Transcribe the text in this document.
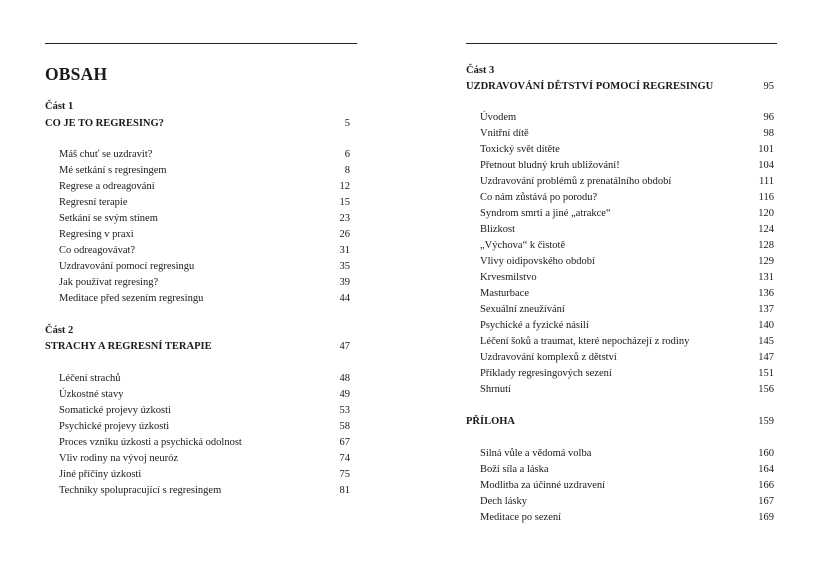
OBSAH
Část 1
CO JE TO REGRESING?	5
Máš chuť se uzdravit?	6
Mé setkání s regresingem	8
Regrese a odreagování	12
Regresní terapie	15
Setkání se svým stínem	23
Regresing v praxi	26
Co odreagovávat?	31
Uzdravování pomocí regresingu	35
Jak používat regresing?	39
Meditace před sezením regresingu	44
Část 2
STRACHY A REGRESNÍ TERAPIE	47
Léčení strachů	48
Úzkostné stavy	49
Somatické projevy úzkosti	53
Psychické projevy úzkosti	58
Proces vzniku úzkosti a psychická odolnost	67
Vliv rodiny na vývoj neuróz	74
Jiné příčiny úzkosti	75
Techniky spolupracující s regresingem	81
Část 3
UZDRAVOVÁNÍ DĚTSTVÍ POMOCÍ REGRESINGU	95
Úvodem	96
Vnitřní dítě	98
Toxický svět dítěte	101
Přetnout bludný kruh ubližování!	104
Uzdravování problémů z prenatálního období	111
Co nám zůstává po porodu?	116
Syndrom smrti a jiné „atrakce“	120
Blízkost	124
„Výchova“ k čistotě	128
Vlivy oidipovského období	129
Krvesmilstvo	131
Masturbace	136
Sexuální zneužívání	137
Psychické a fyzické násilí	140
Léčení šoků a traumat, které nepocházejí z rodiny	145
Uzdravování komplexů z dětství	147
Příklady regresingových sezení	151
Shrnutí	156
PŘÍLOHA	159
Silná vůle a vědomá volba	160
Boží síla a láska	164
Modlitba za účinné uzdravení	166
Dech lásky	167
Meditace po sezení	169
